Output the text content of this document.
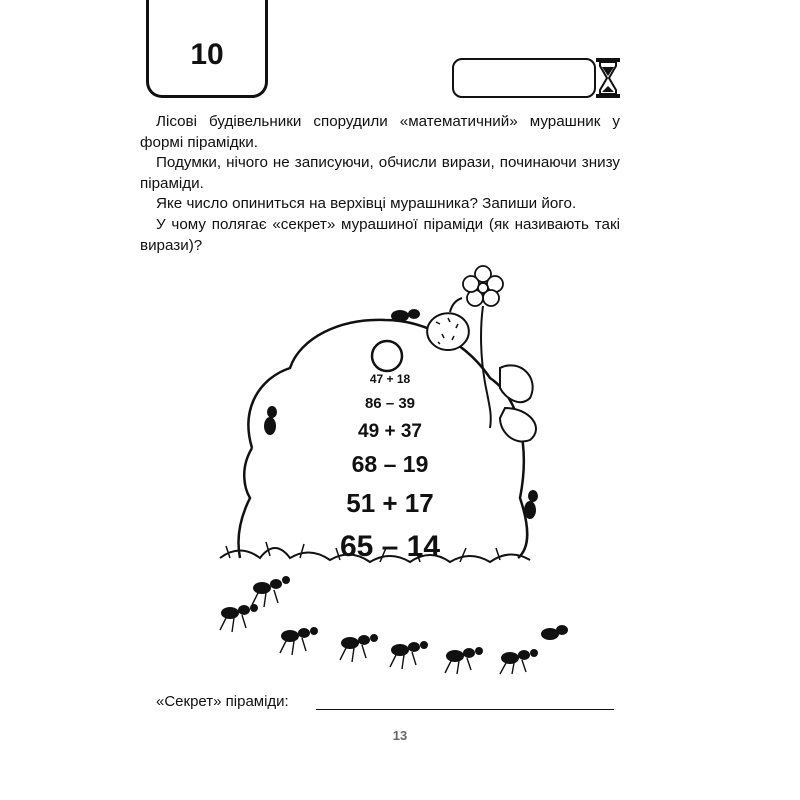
10

Лісові будівельники спорудили «математичний» мурашник у формі пірамідки.

Подумки, нічого не записуючи, обчисли вирази, починаючи знизу піраміди.

Яке число опиниться на верхівці мурашника? Запиши його.

У чому полягає «секрет» мурашиної піраміди (як називають такі вирази)?

47 + 18
86 – 39
49 + 37
68 – 19
51 + 17
65 – 14
«Секрет» піраміди:
13
